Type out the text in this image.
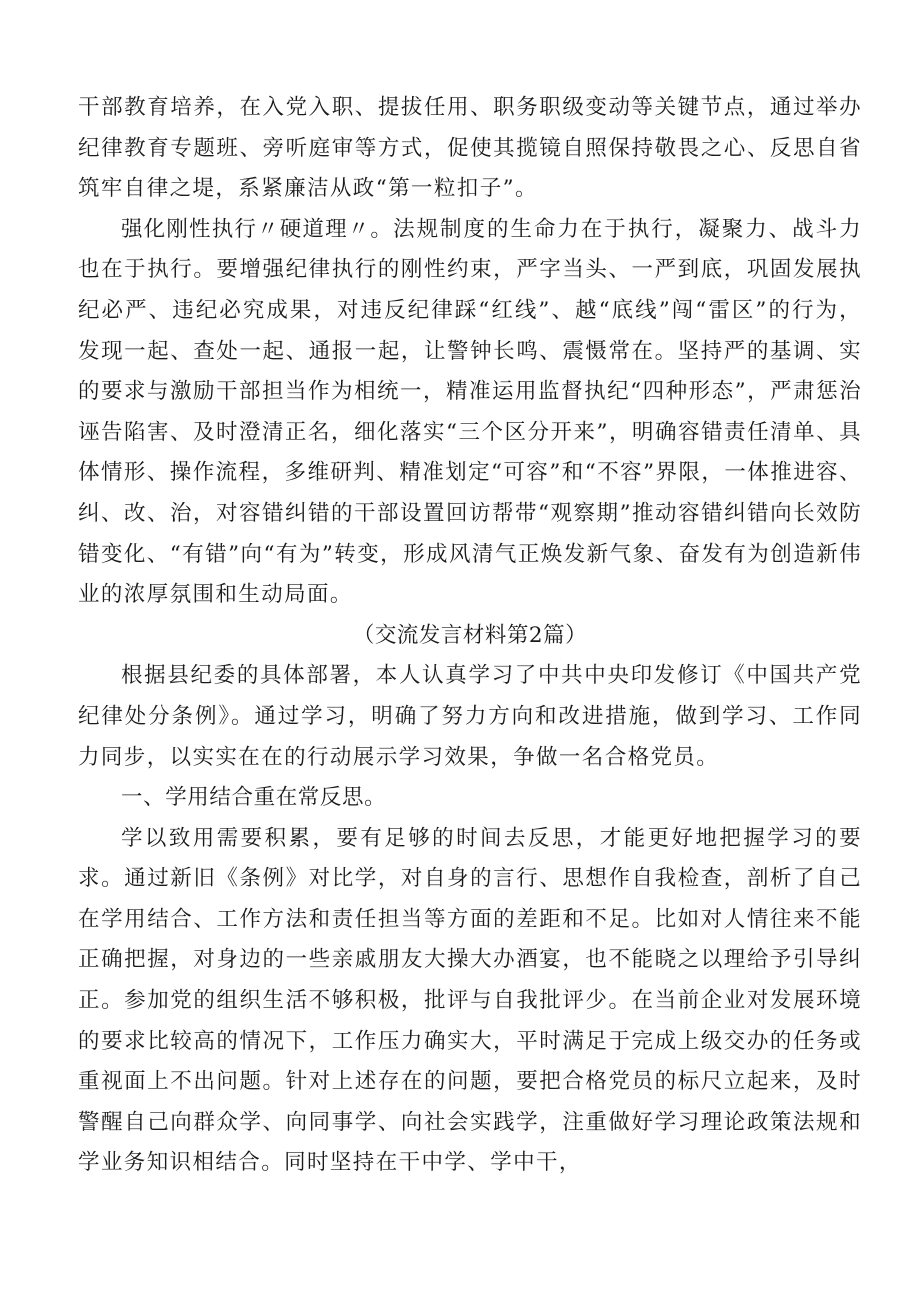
干部教育培养，在入党入职、提拔任用、职务职级变动等关键节点，通过举办纪律教育专题班、旁听庭审等方式，促使其揽镜自照保持敬畏之心、反思自省筑牢自律之堤，系紧廉洁从政“第一粒扣子”。

强化刚性执行〃硬道理〃。法规制度的生命力在于执行，凝聚力、战斗力也在于执行。要增强纪律执行的刚性约束，严字当头、一严到底，巩固发展执纪必严、违纪必究成果，对违反纪律踩“红线”、越“底线”闯“雷区”的行为，发现一起、查处一起、通报一起，让警钟长鸣、震慑常在。坚持严的基调、实的要求与激励干部担当作为相统一，精准运用监督执纪“四种形态”，严肃惩治诬告陷害、及时澄清正名，细化落实“三个区分开来”，明确容错责任清单、具体情形、操作流程，多维研判、精准划定“可容”和“不容”界限，一体推进容、纠、改、治，对容错纠错的干部设置回访帮带“观察期”推动容错纠错向长效防错变化、“有错”向“有为”转变，形成风清气正焕发新气象、奋发有为创造新伟业的浓厚氛围和生动局面。

（交流发言材料第2篇）

根据县纪委的具体部署，本人认真学习了中共中央印发修订《中国共产党纪律处分条例》。通过学习，明确了努力方向和改进措施，做到学习、工作同力同步，以实实在在的行动展示学习效果，争做一名合格党员。

一、学用结合重在常反思。

学以致用需要积累，要有足够的时间去反思，才能更好地把握学习的要求。通过新旧《条例》对比学，对自身的言行、思想作自我检查，剖析了自己在学用结合、工作方法和责任担当等方面的差距和不足。比如对人情往来不能正确把握，对身边的一些亲戚朋友大操大办酒宴，也不能晓之以理给予引导纠正。参加党的组织生活不够积极，批评与自我批评少。在当前企业对发展环境的要求比较高的情况下，工作压力确实大，平时满足于完成上级交办的任务或重视面上不出问题。针对上述存在的问题，要把合格党员的标尺立起来，及时警醒自己向群众学、向同事学、向社会实践学，注重做好学习理论政策法规和学业务知识相结合。同时坚持在干中学、学中干，
